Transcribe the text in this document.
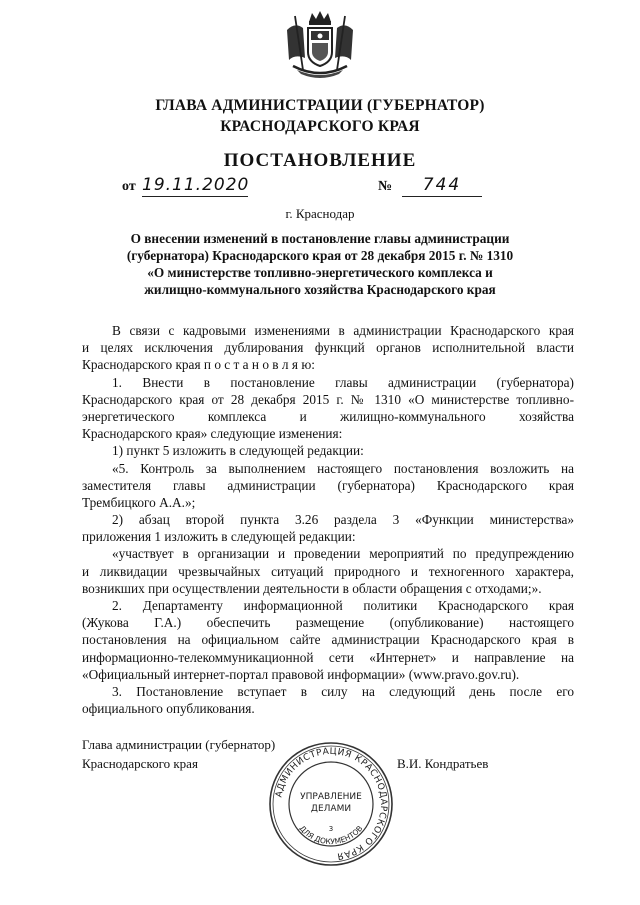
ГЛАВА АДМИНИСТРАЦИИ (ГУБЕРНАТОР)
КРАСНОДАРСКОГО КРАЯ
ПОСТАНОВЛЕНИЕ
от 19.11.2020	№	744
г. Краснодар
О внесении изменений в постановление главы администрации
(губернатора) Краснодарского края от 28 декабря 2015 г. № 1310
«О министерстве топливно-энергетического комплекса и
жилищно-коммунального хозяйства Краснодарского края
В связи с кадровыми изменениями в администрации Краснодарского края
и целях исключения дублирования функций органов исполнительной власти
Краснодарского края п о с т а н о в л я ю:
1. Внести в постановление главы администрации (губернатора)
Краснодарского края от 28 декабря 2015 г. № 1310 «О министерстве топливно-
энергетического комплекса и жилищно-коммунального хозяйства
Краснодарского края» следующие изменения:
1) пункт 5 изложить в следующей редакции:
«5. Контроль за выполнением настоящего постановления возложить на
заместителя главы администрации (губернатора) Краснодарского края
Трембицкого А.А.»;
2) абзац второй пункта 3.26 раздела 3 «Функции министерства»
приложения 1 изложить в следующей редакции:
«участвует в организации и проведении мероприятий по предупреждению
и ликвидации чрезвычайных ситуаций природного и техногенного характера,
возникших при осуществлении деятельности в области обращения с отходами;».
2. Департаменту информационной политики Краснодарского края
(Жукова Г.А.) обеспечить размещение (опубликование) настоящего
постановления на официальном сайте администрации Краснодарского края в
информационно-телекоммуникационной сети «Интернет» и направление на
«Официальный интернет-портал правовой информации» (www.pravo.gov.ru).
3. Постановление вступает в силу на следующий день после его
официального опубликования.
Глава администрации (губернатор)
Краснодарского края	В.И. Кондратьев
АДМИНИСТРАЦИЯ КРАСНОДАРСКОГО КРАЯ
ДЛЯ ДОКУМЕНТОВ
УПРАВЛЕНИЕ
ДЕЛАМИ
3
